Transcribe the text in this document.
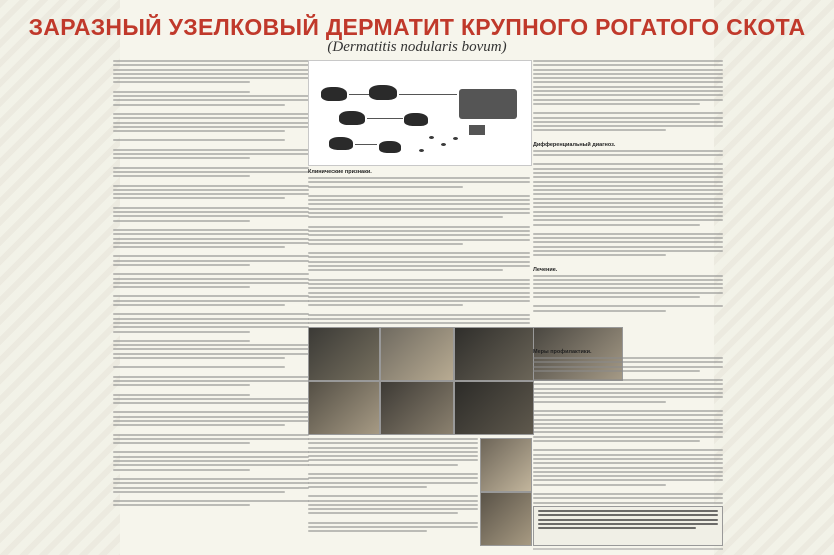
ЗАРАЗНЫЙ УЗЕЛКОВЫЙ ДЕРМАТИТ КРУПНОГО РОГАТОГО СКОТА
(Dermatitis nodularis bovum)
Клинические признаки.
Дифференциальный диагноз.
Лечение.
Меры профилактики.
